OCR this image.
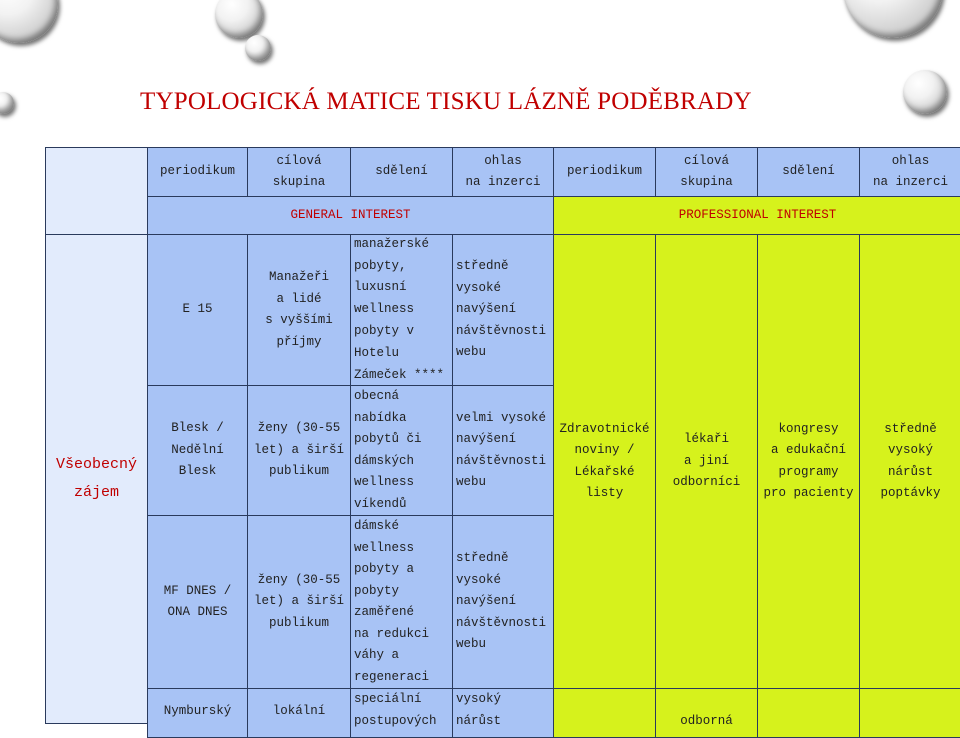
TYPOLOGICKÁ MATICE TISKU LÁZNĚ PODĚBRADY
Všeobecný
zájem
periodikum
cílová
skupina
sdělení
ohlas
na inzerci
periodikum
cílová
skupina
sdělení
ohlas
na inzerci
GENERAL INTEREST	PROFESSIONAL INTEREST
E 15
Manažeři
a lidé
s vyššími
příjmy
manažerské
pobyty,
luxusní
wellness
pobyty v
Hotelu
Zámeček ****
středně
vysoké
navýšení
návštěvnosti
webu
Blesk /
Nedělní
Blesk
ženy (30-55
let) a širší
publikum
obecná
nabídka
pobytů či
dámských
wellness
víkendů
velmi vysoké
navýšení
návštěvnosti
webu
MF DNES /
ONA DNES
ženy (30-55
let) a širší
publikum
dámské
wellness
pobyty a
pobyty
zaměřené
na redukci
váhy a
regeneraci
středně
vysoké
navýšení
návštěvnosti
webu
Nymburský	lokální
speciální
postupových
vysoký
nárůst
Zdravotnické
noviny /
Lékařské
listy
lékaři
a jiní
odborníci
kongresy
a edukační
programy
pro pacienty
středně
vysoký
nárůst
poptávky
odborná
